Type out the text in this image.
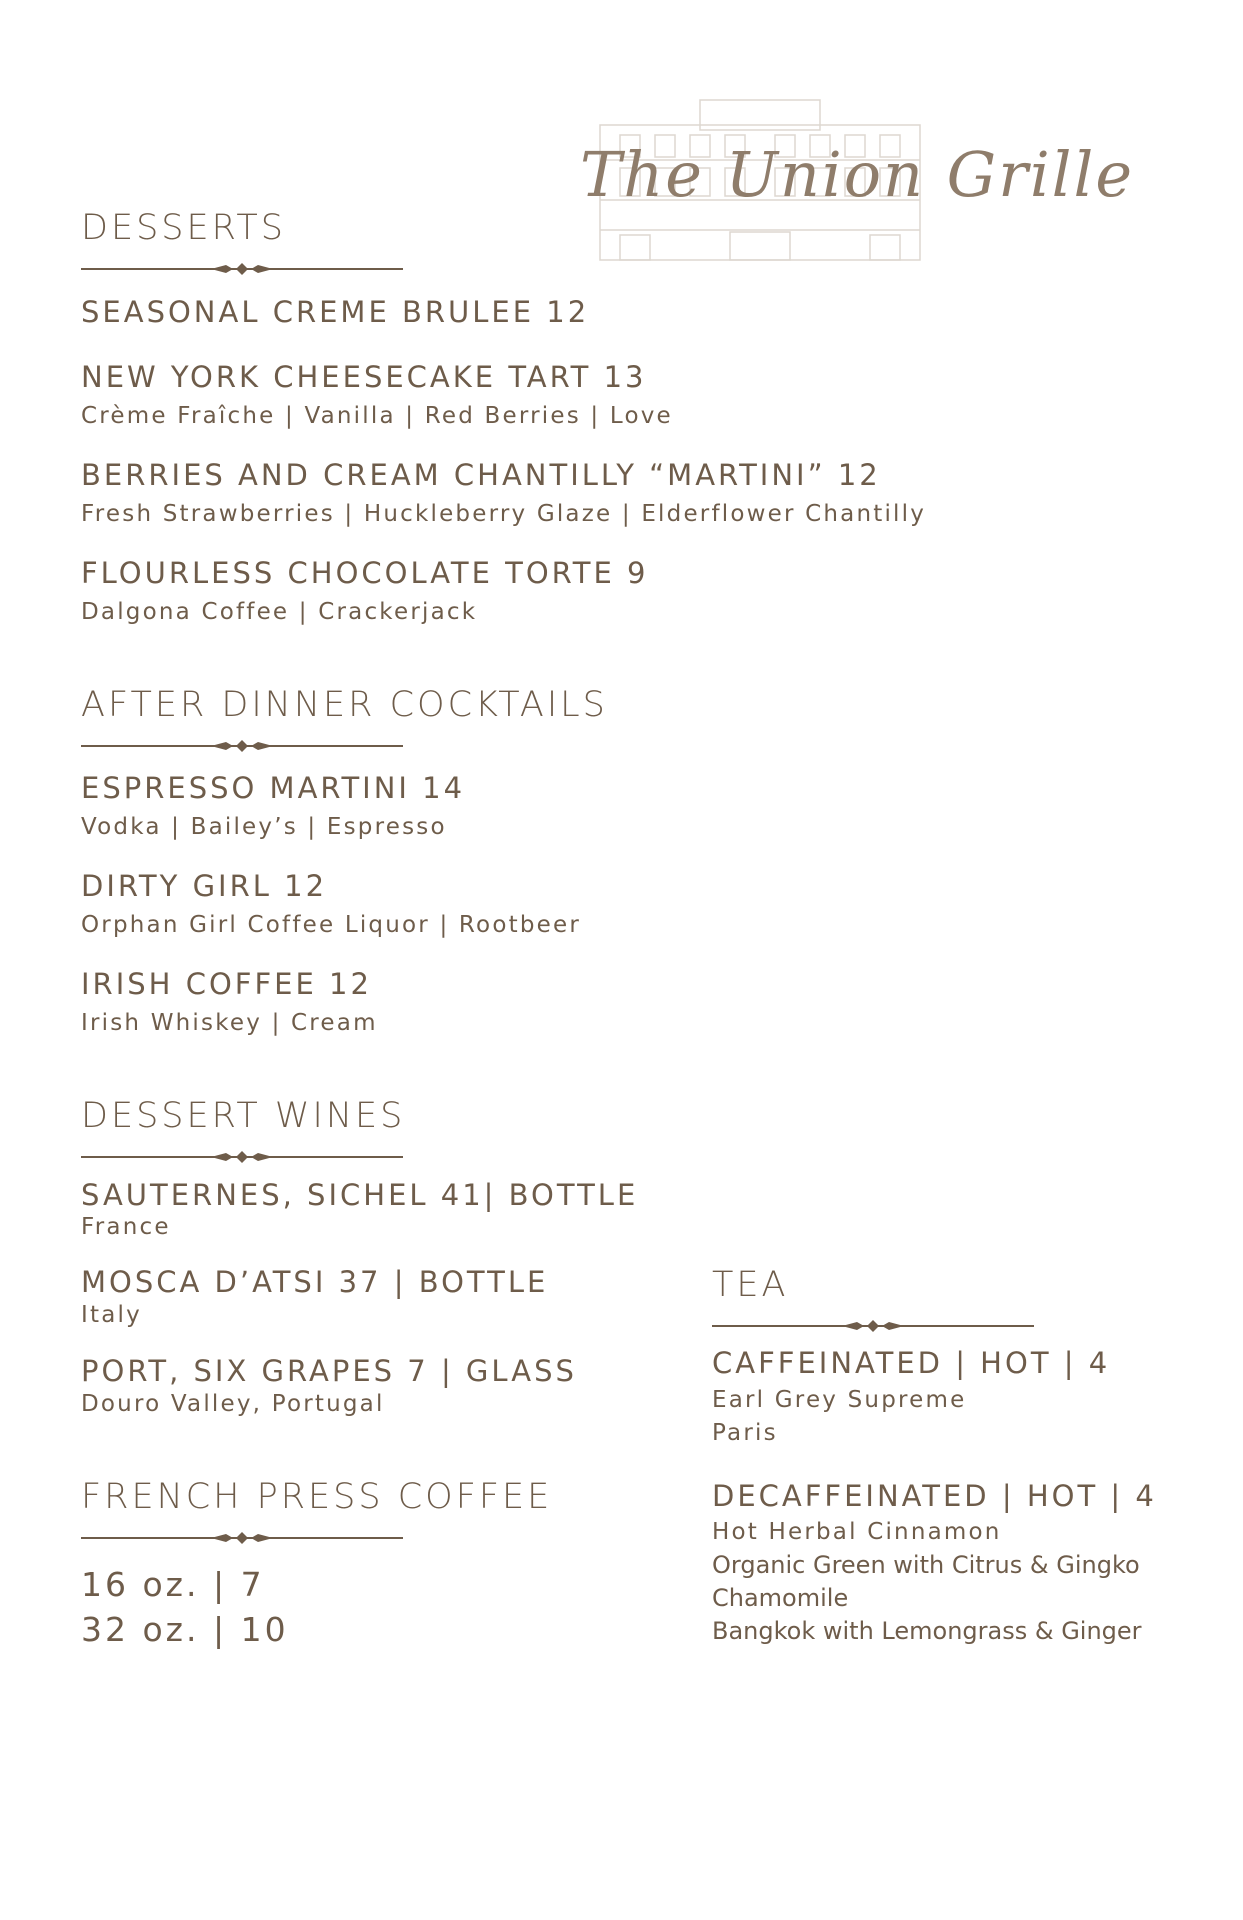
The Union Grille
DESSERTS
SEASONAL CREME BRULEE 12
NEW YORK CHEESECAKE TART 13
Crème Fraîche | Vanilla | Red Berries | Love
BERRIES AND CREAM CHANTILLY “MARTINI” 12
Fresh Strawberries | Huckleberry Glaze | Elderflower Chantilly
FLOURLESS CHOCOLATE TORTE 9
Dalgona Coffee | Crackerjack
AFTER DINNER COCKTAILS
ESPRESSO MARTINI 14
Vodka | Bailey’s | Espresso
DIRTY GIRL 12
Orphan Girl Coffee Liquor | Rootbeer
IRISH COFFEE 12
Irish Whiskey | Cream
DESSERT WINES
SAUTERNES, SICHEL 41| BOTTLE
France
MOSCA D’ATSI 37 | BOTTLE
Italy
PORT, SIX GRAPES 7 | GLASS
Douro Valley, Portugal
FRENCH PRESS COFFEE
16 oz. | 7
32 oz. | 10
TEA
CAFFEINATED | HOT | 4
Earl Grey Supreme
Paris
DECAFFEINATED | HOT | 4
Hot Herbal Cinnamon
Organic Green with Citrus & Gingko
Chamomile
Bangkok with Lemongrass & Ginger
